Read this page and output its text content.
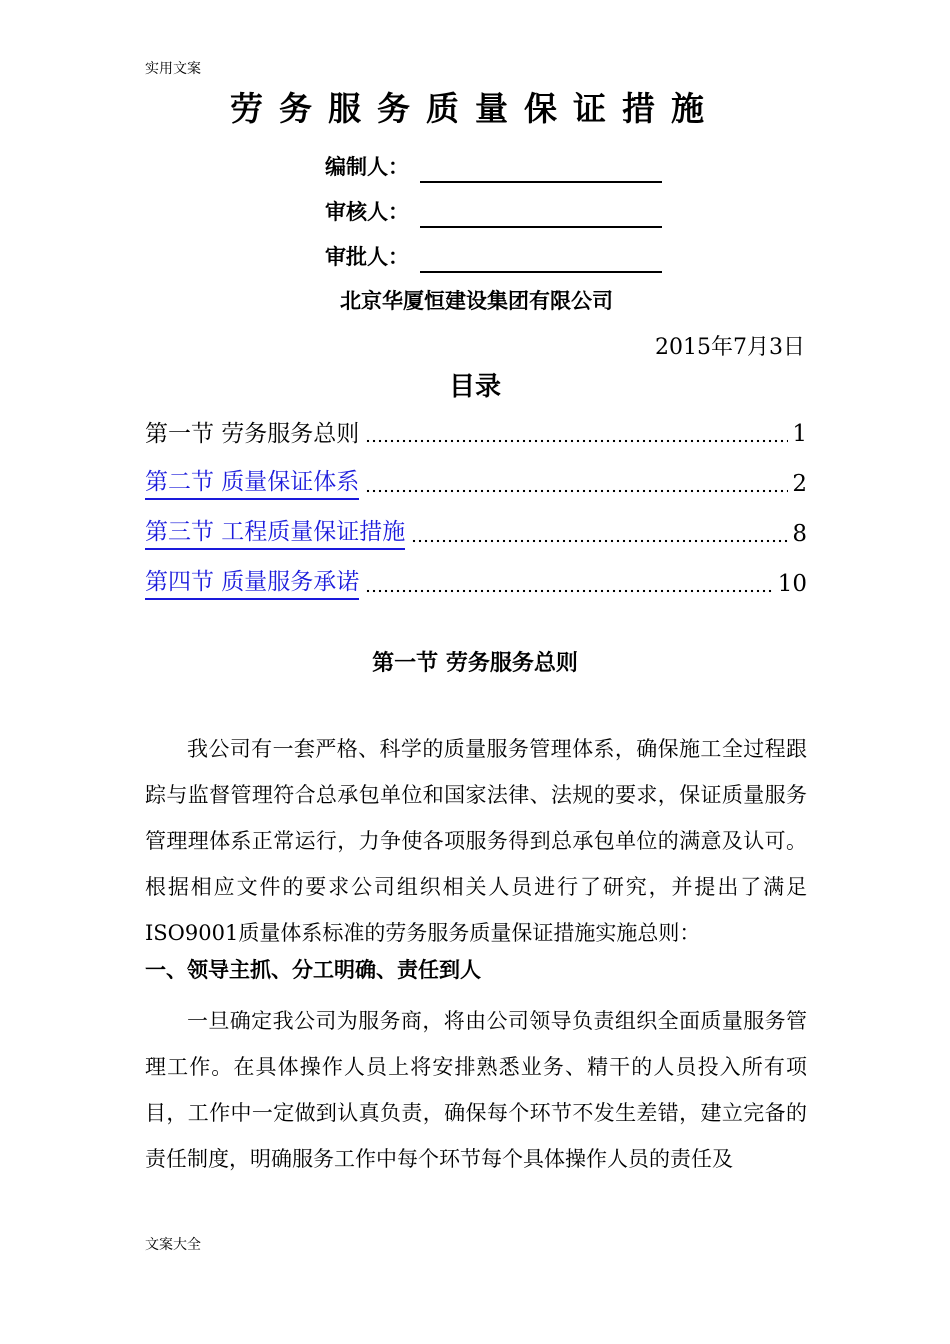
实用文案
劳务服务质量保证措施
编制人：
审核人：
审批人：
北京华厦恒建设集团有限公司
2015年7月3日
目录
第一节 劳务服务总则	1
第二节 质量保证体系	2
第三节 工程质量保证措施	8
第四节 质量服务承诺	10
第一节 劳务服务总则

我公司有一套严格、科学的质量服务管理体系，确保施工全过程跟踪与监督管理符合总承包单位和国家法律、法规的要求，保证质量服务管理理体系正常运行，力争使各项服务得到总承包单位的满意及认可。根据相应文件的要求公司组织相关人员进行了研究，并提出了满足ISO9001质量体系标准的劳务服务质量保证措施实施总则：

一、领导主抓、分工明确、责任到人

一旦确定我公司为服务商，将由公司领导负责组织全面质量服务管理工作。在具体操作人员上将安排熟悉业务、精干的人员投入所有项目，工作中一定做到认真负责，确保每个环节不发生差错，建立完备的责任制度，明确服务工作中每个环节每个具体操作人员的责任及

文案大全
